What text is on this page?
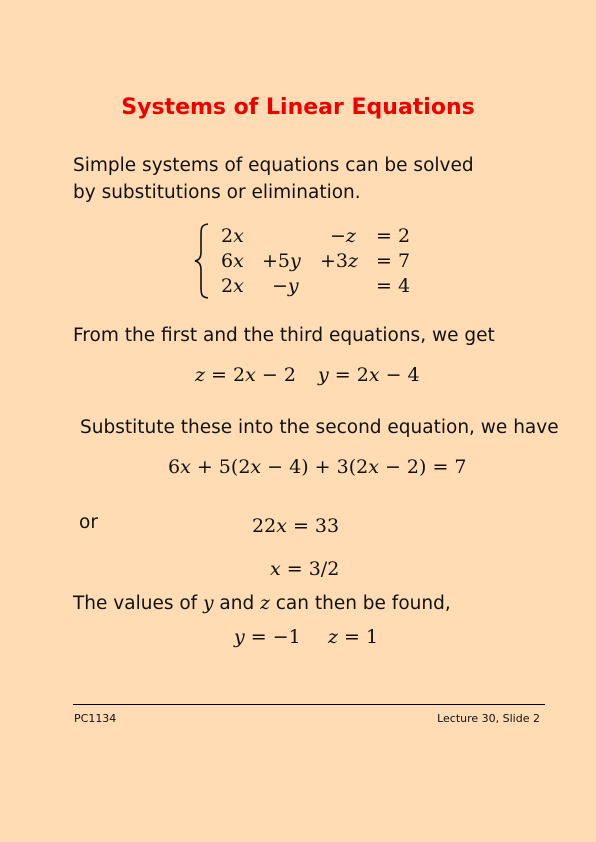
Systems of Linear Equations
Simple systems of equations can be solved by substitutions or elimination.
2x	−z = 2
6x +5y +3z = 7
2x −y	= 4
From the first and the third equations, we get
z = 2x − 2 y = 2x − 4
Substitute these into the second equation, we have
6x + 5(2x − 4) + 3(2x − 2) = 7
or	22x = 33
x = 3/2
The values of y and z can then be found,
y = −1 z = 1
PC1134	Lecture 30, Slide 2
